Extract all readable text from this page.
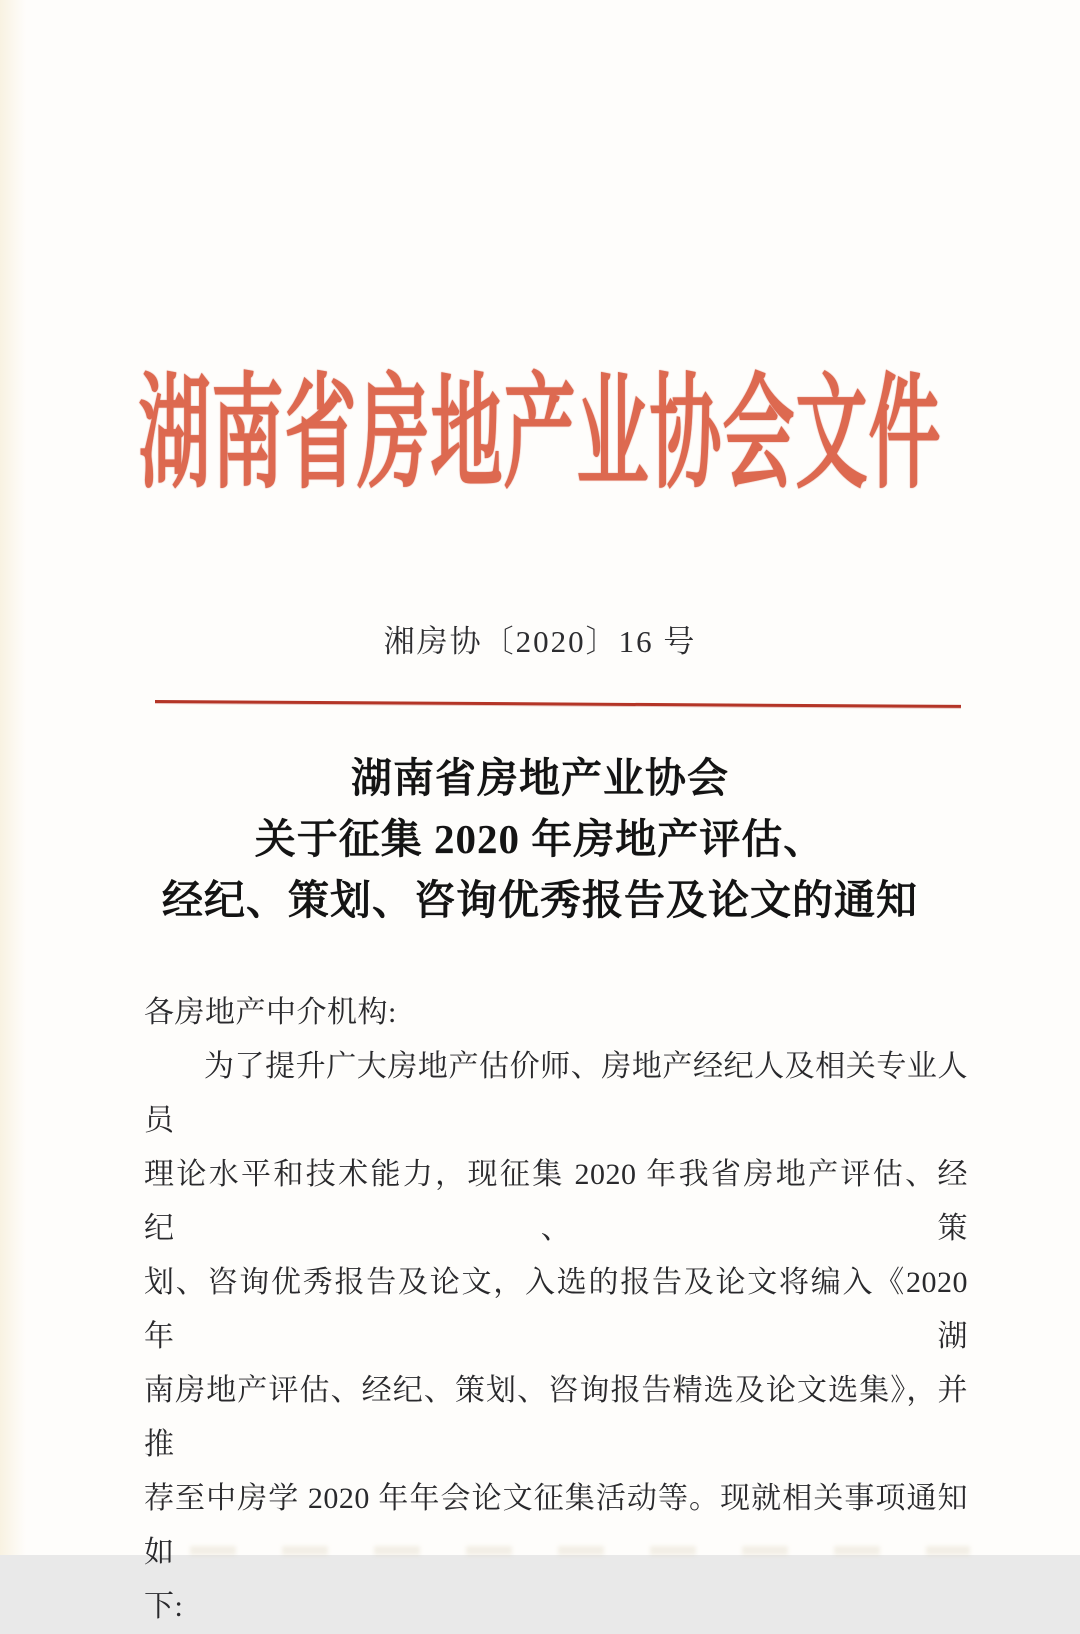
湖南省房地产业协会文件
湘房协〔2020〕16 号
湖南省房地产业协会
关于征集 2020 年房地产评估、
经纪、策划、咨询优秀报告及论文的通知
各房地产中介机构:
为了提升广大房地产估价师、房地产经纪人及相关专业人员
理论水平和技术能力，现征集 2020 年我省房地产评估、经纪、策
划、咨询优秀报告及论文，入选的报告及论文将编入《2020 年湖
南房地产评估、经纪、策划、咨询报告精选及论文选集》，并推
荐至中房学 2020 年年会论文征集活动等。现就相关事项通知如
下:
